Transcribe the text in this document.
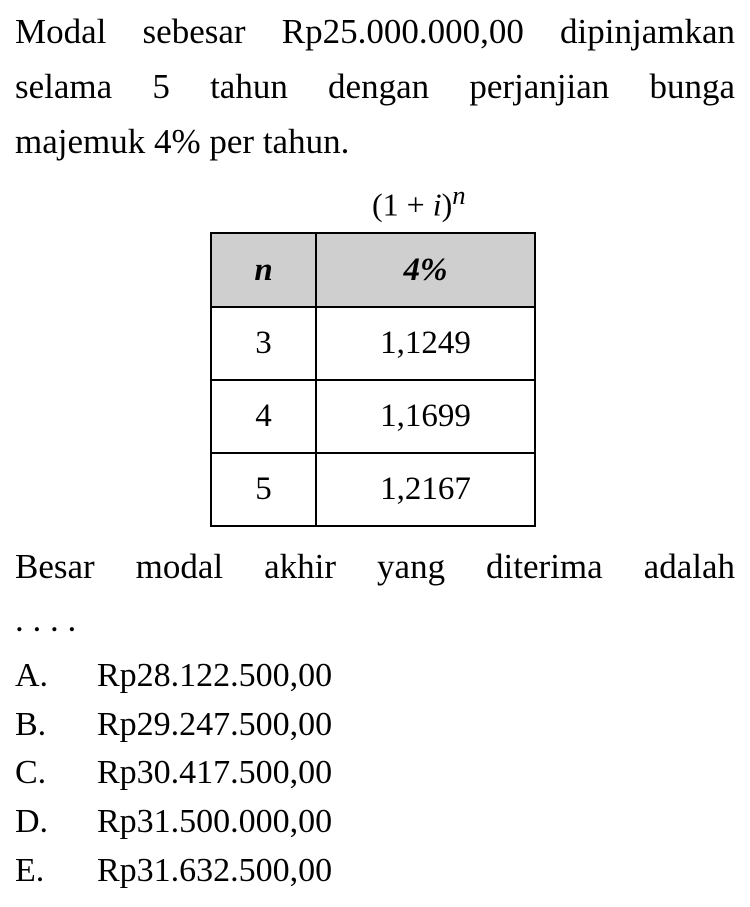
Modal sebesar Rp25.000.000,00 dipinjamkan
selama 5 tahun dengan perjanjian bunga
majemuk 4% per tahun.
$(1 + i)^n$
n	4%
3	1,1249
4	1,1699
5	1,2167
Besar modal akhir yang diterima adalah
. . . .
A. Rp28.122.500,00
B. Rp29.247.500,00
C. Rp30.417.500,00
D. Rp31.500.000,00
E. Rp31.632.500,00
